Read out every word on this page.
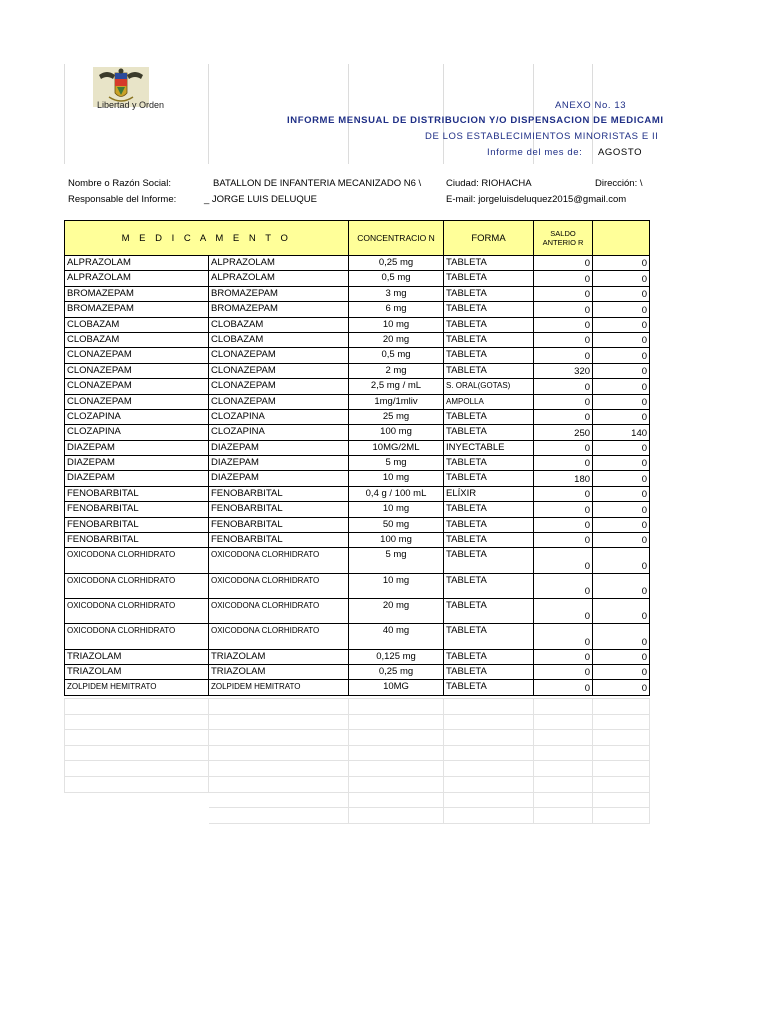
Libertad y Orden	ANEXO No. 13
INFORME MENSUAL DE DISTRIBUCION Y/O DISPENSACION DE MEDICAMI
DE LOS ESTABLECIMIENTOS MINORISTAS E II
Informe del mes de: AGOSTO
Nombre o Razón Social:	BATALLON DE INFANTERIA MECANIZADO N6 \	Ciudad: RIOHACHA	Dirección: \
Responsable del Informe:	_ JORGE LUIS DELUQUE	E-mail: jorgeluisdeluquez2015@gmail.com
M E D I C A M E N T O		CONCENTRACIO N	FORMA	SALDO ANTERIO R	
ALPRAZOLAM	ALPRAZOLAM	0,25 mg	TABLETA	0	0
ALPRAZOLAM	ALPRAZOLAM	0,5 mg	TABLETA	0	0
BROMAZEPAM	BROMAZEPAM	3 mg	TABLETA	0	0
BROMAZEPAM	BROMAZEPAM	6 mg	TABLETA	0	0
CLOBAZAM	CLOBAZAM	10 mg	TABLETA	0	0
CLOBAZAM	CLOBAZAM	20 mg	TABLETA	0	0
CLONAZEPAM	CLONAZEPAM	0,5 mg	TABLETA	0	0
CLONAZEPAM	CLONAZEPAM	2 mg	TABLETA	320	0
CLONAZEPAM	CLONAZEPAM	2,5 mg / mL	S. ORAL(GOTAS)	0	0
CLONAZEPAM	CLONAZEPAM	1mg/1mliv	AMPOLLA	0	0
CLOZAPINA	CLOZAPINA	25 mg	TABLETA	0	0
CLOZAPINA	CLOZAPINA	100 mg	TABLETA	250	140
DIAZEPAM	DIAZEPAM	10MG/2ML	INYECTABLE	0	0
DIAZEPAM	DIAZEPAM	5 mg	TABLETA	0	0
DIAZEPAM	DIAZEPAM	10 mg	TABLETA	180	0
FENOBARBITAL	FENOBARBITAL	0,4 g / 100 mL	ELÍXIR	0	0
FENOBARBITAL	FENOBARBITAL	10 mg	TABLETA	0	0
FENOBARBITAL	FENOBARBITAL	50 mg	TABLETA	0	0
FENOBARBITAL	FENOBARBITAL	100 mg	TABLETA	0	0
OXICODONA CLORHIDRATO	OXICODONA CLORHIDRATO	5 mg	TABLETA	0	0
OXICODONA CLORHIDRATO	OXICODONA CLORHIDRATO	10 mg	TABLETA	0	0
OXICODONA CLORHIDRATO	OXICODONA CLORHIDRATO	20 mg	TABLETA	0	0
OXICODONA CLORHIDRATO	OXICODONA CLORHIDRATO	40 mg	TABLETA	0	0
TRIAZOLAM	TRIAZOLAM	0,125 mg	TABLETA	0	0
TRIAZOLAM	TRIAZOLAM	0,25 mg	TABLETA	0	0
ZOLPIDEM HEMITRATO	ZOLPIDEM HEMITRATO	10MG	TABLETA	0	0
